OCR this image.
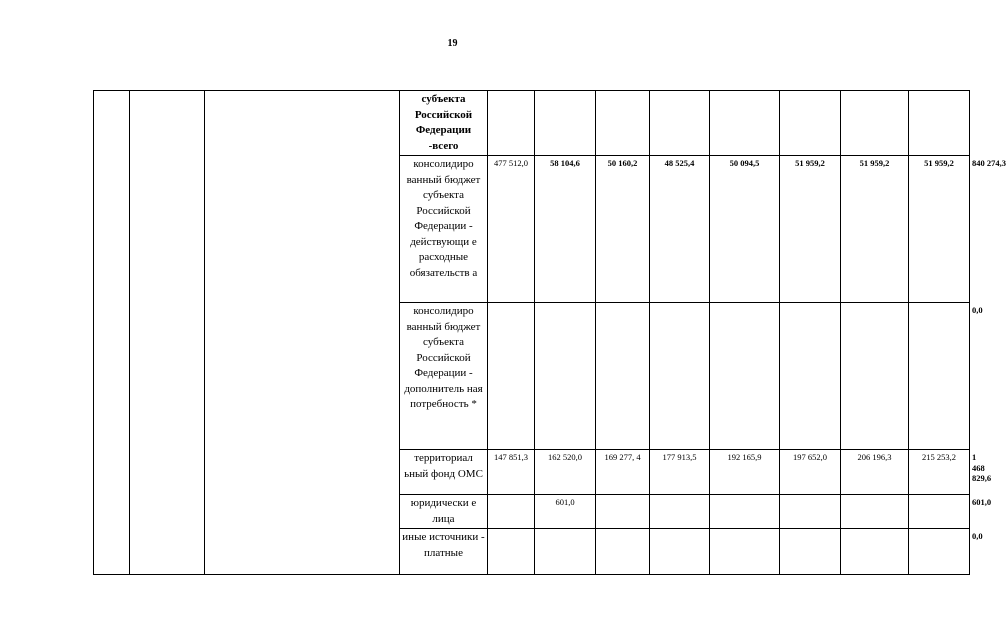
19
			субъекта Российской Федерации -всего									
			консолидиро ванный бюджет субъекта Российской Федерации - действующи е расходные обязательств а	477 512,0	58 104,6	50 160,2	48 525,4	50 094,5	51 959,2	51 959,2	51 959,2	840 274,3
			консолидиро ванный бюджет субъекта Российской Федерации - дополнитель ная потребность *									0,0
			территориал ьный фонд ОМС	147 851,3	162 520,0	169 277, 4	177 913,5	192 165,9	197 652,0	206 196,3	215 253,2	1 468 829,6
			юридически е лица		601,0							601,0
			иные источники - платные									0,0
